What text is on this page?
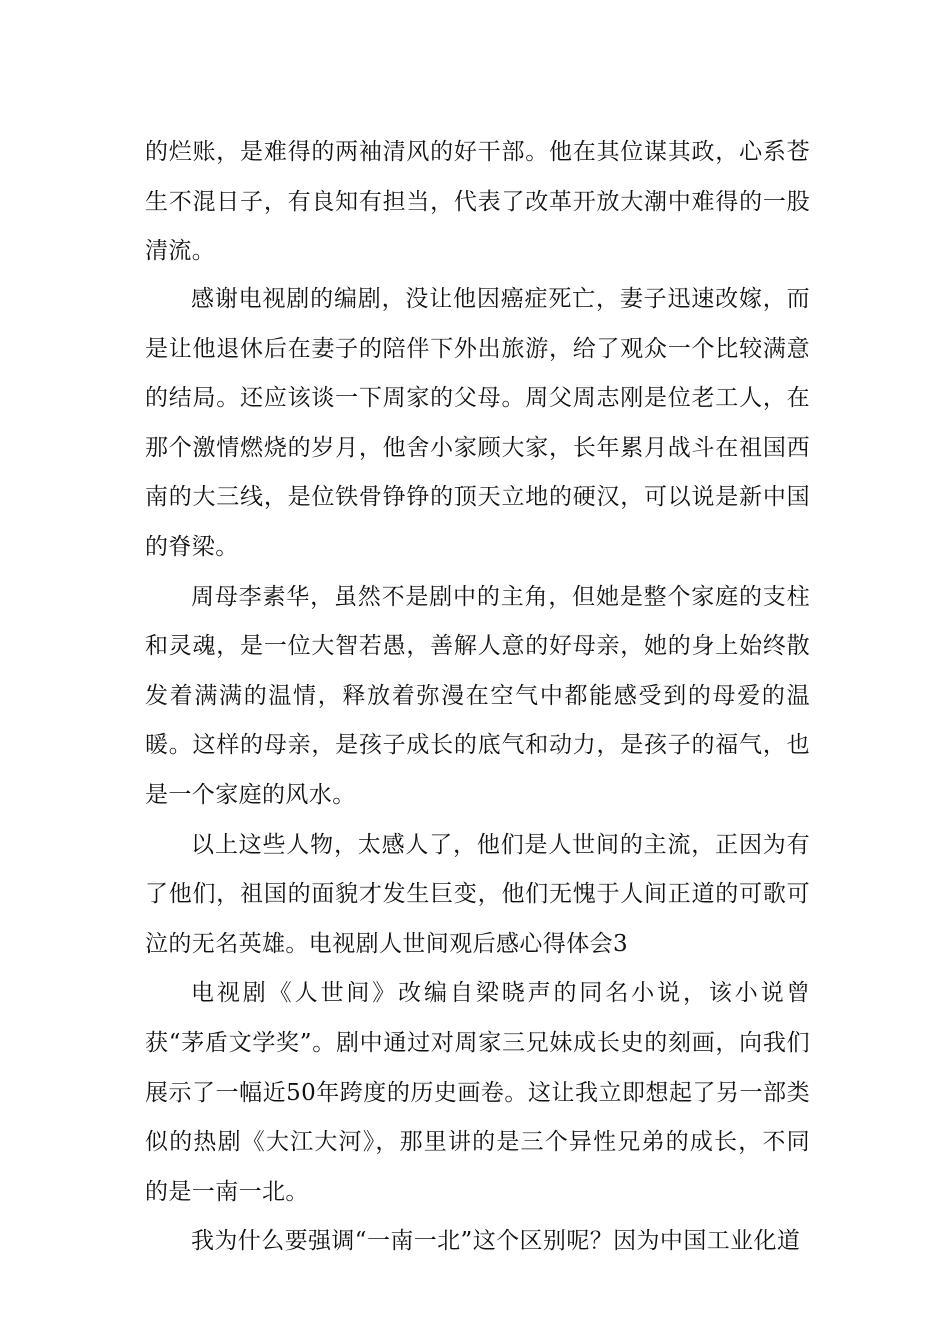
的烂账，是难得的两袖清风的好干部。他在其位谋其政，心系苍生不混日子，有良知有担当，代表了改革开放大潮中难得的一股清流。

感谢电视剧的编剧，没让他因癌症死亡，妻子迅速改嫁，而是让他退休后在妻子的陪伴下外出旅游，给了观众一个比较满意的结局。还应该谈一下周家的父母。周父周志刚是位老工人，在那个激情燃烧的岁月，他舍小家顾大家，长年累月战斗在祖国西南的大三线，是位铁骨铮铮的顶天立地的硬汉，可以说是新中国的脊梁。

周母李素华，虽然不是剧中的主角，但她是整个家庭的支柱和灵魂，是一位大智若愚，善解人意的好母亲，她的身上始终散发着满满的温情，释放着弥漫在空气中都能感受到的母爱的温暖。这样的母亲，是孩子成长的底气和动力，是孩子的福气，也是一个家庭的风水。

以上这些人物，太感人了，他们是人世间的主流，正因为有了他们，祖国的面貌才发生巨变，他们无愧于人间正道的可歌可泣的无名英雄。电视剧人世间观后感心得体会3

电视剧《人世间》改编自梁晓声的同名小说，该小说曾获“茅盾文学奖”。剧中通过对周家三兄妹成长史的刻画，向我们展示了一幅近50年跨度的历史画卷。这让我立即想起了另一部类似的热剧《大江大河》，那里讲的是三个异性兄弟的成长，不同的是一南一北。

我为什么要强调“一南一北”这个区别呢？因为中国工业化道
